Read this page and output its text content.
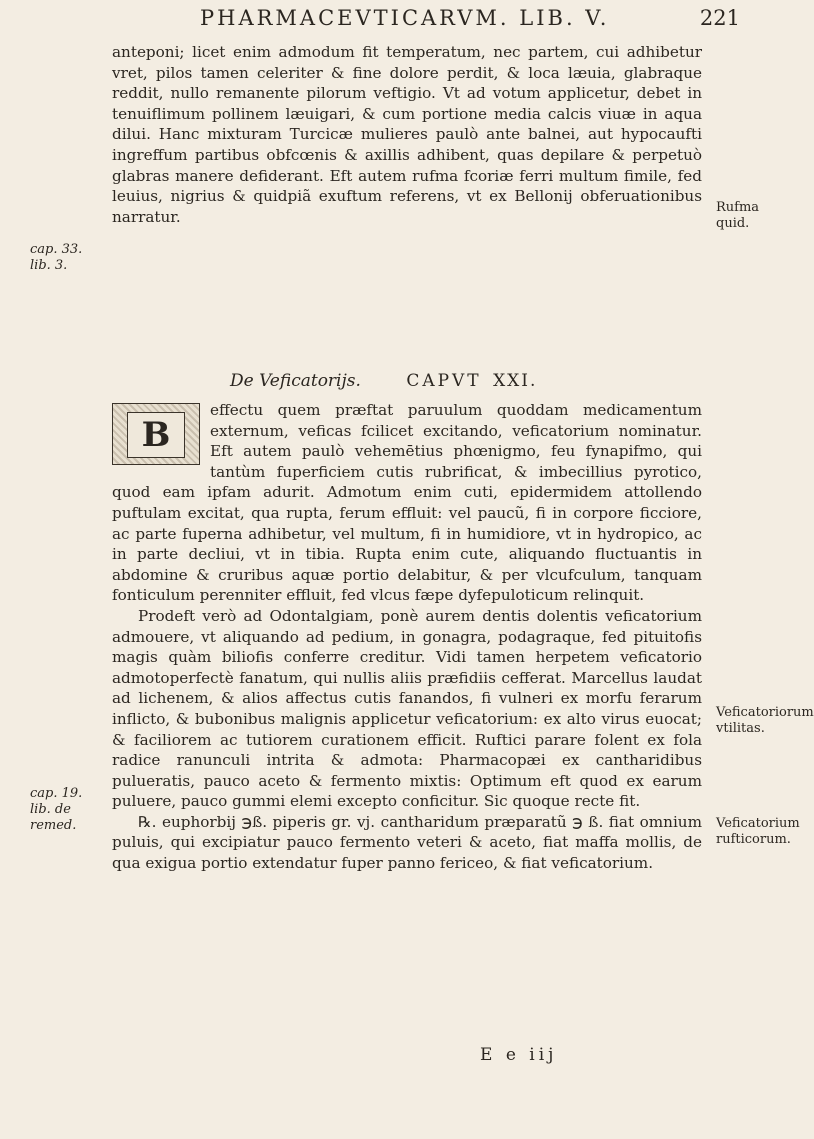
PHARMACEVTICARVM. LIB. V.	221

anteponi; licet enim admodum fit temperatum, nec partem, cui adhibetur vret, pilos tamen celeriter & fine dolore perdit, & loca læuia, glabraque reddit, nullo remanente pilorum veftigio. Vt ad votum applicetur, debet in tenuiflimum pollinem læuigari, & cum portione media calcis viuæ in aqua dilui. Hanc mixturam Turcicæ mulieres paulò ante balnei, aut hypocaufti ingreffum partibus obfcœnis & axillis adhibent, quas depilare & perpetuò glabras manere defiderant. Eft autem rufma fcoriæ ferri multum fimile, fed leuius, nigrius & quidpiã exuftum referens, vt ex Bellonij obferuationibus narratur.

De Veficatorijs.	CAPVT XXI.
B

effectu quem præftat paruulum quoddam medicamentum externum, veficas fcilicet excitando, veficatorium nominatur. Eft autem paulò vehemētius phœnigmo, feu fynapifmo, qui tantùm fuperficiem cutis rubrificat, & imbecillius pyrotico, quod eam ipfam adurit. Admotum enim cuti, epidermidem attollendo puftulam excitat, qua rupta, ferum effluit: vel paucũ, fi in corpore ficciore, ac parte fuperna adhibetur, vel multum, fi in humidiore, vt in hydropico, ac in parte decliui, vt in tibia. Rupta enim cute, aliquando fluctuantis in abdomine & cruribus aquæ portio delabitur, & per vlcufculum, tanquam fonticulum perenniter effluit, fed vlcus fæpe dyfepuloticum relinquit.

Prodeft verò ad Odontalgiam, ponè aurem dentis dolentis veficatorium admouere, vt aliquando ad pedium, in gonagra, podagraque, fed pituitofis magis quàm biliofis conferre creditur. Vidi tamen herpetem veficatorio admotoperfectè fanatum, qui nullis aliis præfidiis cefferat. Marcellus laudat ad lichenem, & alios affectus cutis fanandos, fi vulneri ex morfu ferarum inflicto, & bubonibus malignis applicetur veficatorium: ex alto virus euocat; & faciliorem ac tutiorem curationem efficit. Ruftici parare folent ex fola radice ranunculi intrita & admota: Pharmacopæi ex cantharidibus pulueratis, pauco aceto & fermento mixtis: Optimum eft quod ex earum puluere, pauco gummi elemi excepto conficitur. Sic quoque recte fit.

℞. euphorbij ℈ß. piperis gr. vj. cantharidum præparatũ ℈ ß. fiat omnium puluis, qui excipiatur pauco fermento veteri & aceto, fiat maffa mollis, de qua exigua portio extendatur fuper panno fericeo, & fiat veficatorium.

cap. 33. lib. 3.
cap. 19. lib. de remed.
Rufma quid.
Veficatoriorum vtilitas.
Veficatorium rufticorum.
E e iij
